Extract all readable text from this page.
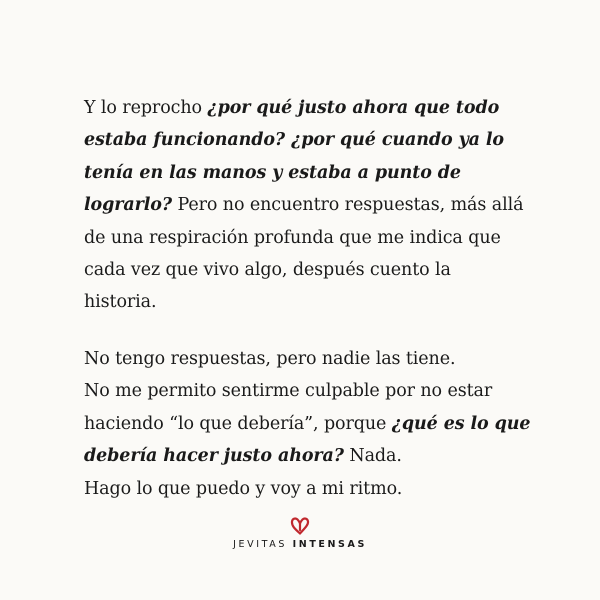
Y lo reprocho ¿por qué justo ahora que todo
estaba funcionando? ¿por qué cuando ya lo
tenía en las manos y estaba a punto de
lograrlo? Pero no encuentro respuestas, más allá
de una respiración profunda que me indica que
cada vez que vivo algo, después cuento la
historia.
No tengo respuestas, pero nadie las tiene.
No me permito sentirme culpable por no estar
haciendo “lo que debería”, porque ¿qué es lo que
debería hacer justo ahora? Nada.
Hago lo que puedo y voy a mi ritmo.
JEVITAS INTENSAS
